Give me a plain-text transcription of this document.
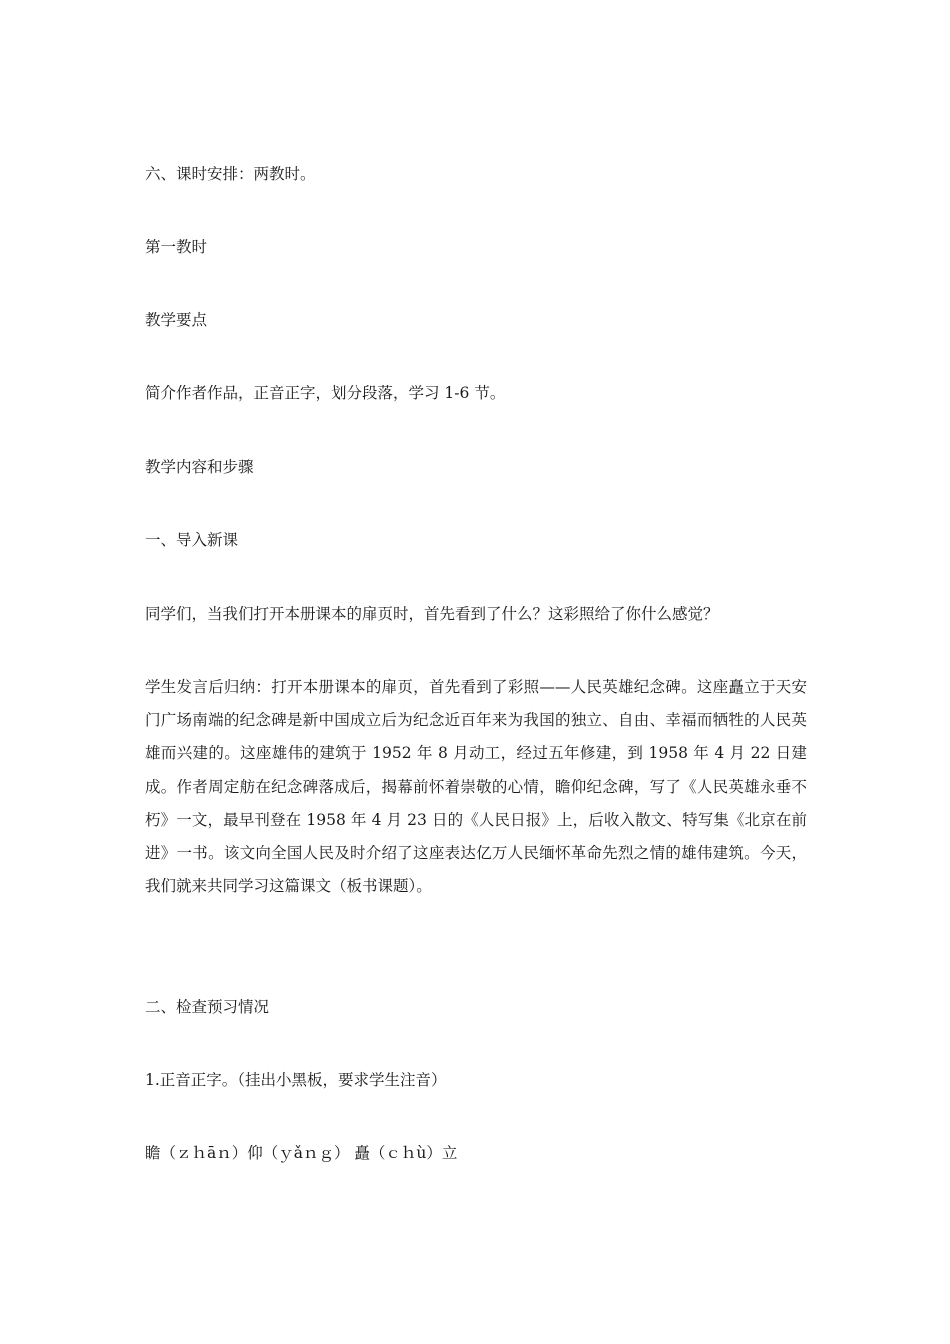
六、课时安排：两教时。
第一教时
教学要点
简介作者作品，正音正字，划分段落，学习 1-6 节。
教学内容和步骤
一、导入新课
同学们，当我们打开本册课本的扉页时，首先看到了什么？这彩照给了你什么感觉？
学生发言后归纳：打开本册课本的扉页，首先看到了彩照——人民英雄纪念碑。这座矗立于天安门广场南端的纪念碑是新中国成立后为纪念近百年来为我国的独立、自由、幸福而牺牲的人民英雄而兴建的。这座雄伟的建筑于 1952 年 8 月动工，经过五年修建，到 1958 年 4 月 22 日建成。作者周定舫在纪念碑落成后，揭幕前怀着崇敬的心情，瞻仰纪念碑，写了《人民英雄永垂不朽》一文，最早刊登在 1958 年 4 月 23 日的《人民日报》上，后收入散文、特写集《北京在前进》一书。该文向全国人民及时介绍了这座表达亿万人民缅怀革命先烈之情的雄伟建筑。今天，我们就来共同学习这篇课文（板书课题）。
二、检查预习情况
1.正音正字。（挂出小黑板，要求学生注音）
瞻（ｚｈāｎ）仰（ｙǎｎｇ） 矗（ｃｈù）立
